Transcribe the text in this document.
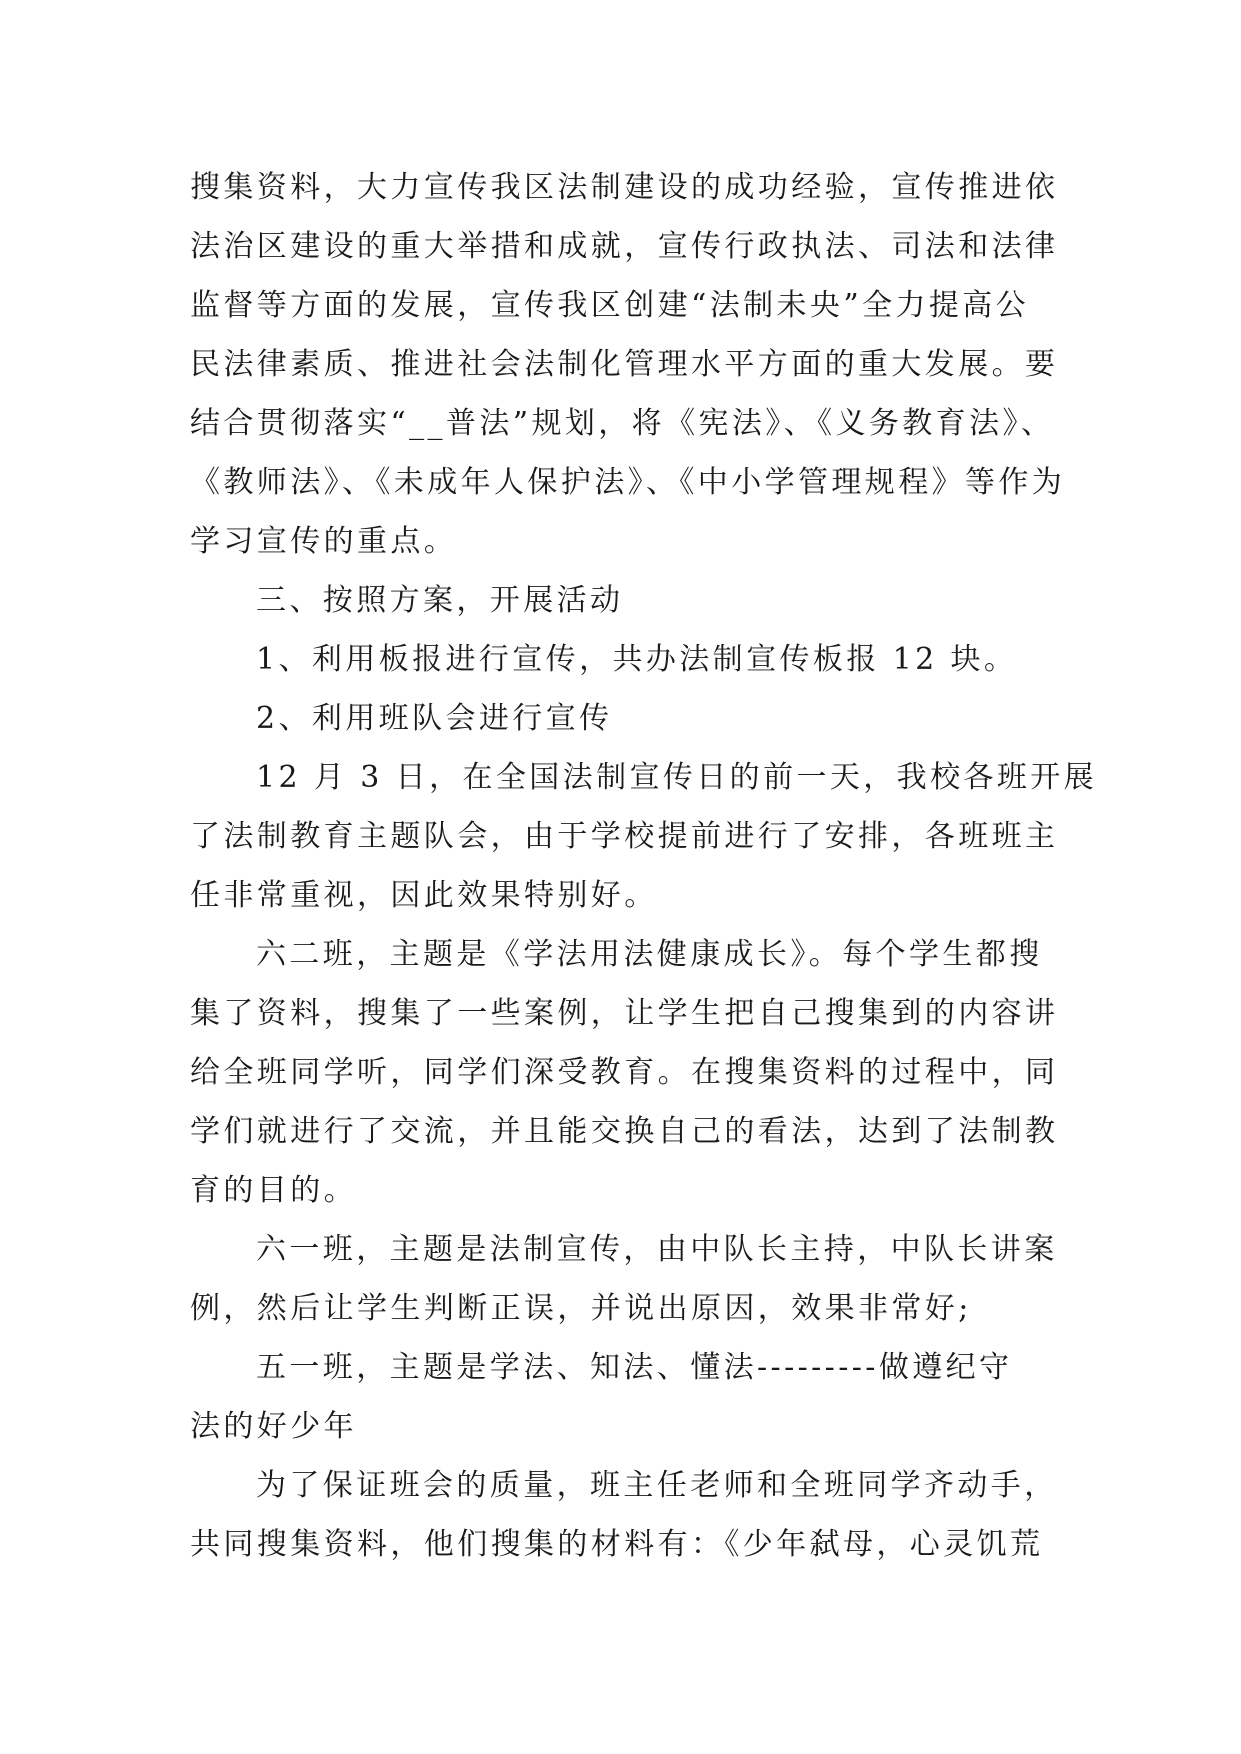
搜集资料，大力宣传我区法制建设的成功经验，宣传推进依
法治区建设的重大举措和成就，宣传行政执法、司法和法律
监督等方面的发展，宣传我区创建“法制未央”全力提高公
民法律素质、推进社会法制化管理水平方面的重大发展。要
结合贯彻落实“__普法”规划，将《宪法》、《义务教育法》、
《教师法》、《未成年人保护法》、《中小学管理规程》等作为
学习宣传的重点。
三、按照方案，开展活动
1、利用板报进行宣传，共办法制宣传板报 12 块。
2、利用班队会进行宣传
12 月 3 日，在全国法制宣传日的前一天，我校各班开展
了法制教育主题队会，由于学校提前进行了安排，各班班主
任非常重视，因此效果特别好。
六二班，主题是《学法用法健康成长》。每个学生都搜
集了资料，搜集了一些案例，让学生把自己搜集到的内容讲
给全班同学听，同学们深受教育。在搜集资料的过程中，同
学们就进行了交流，并且能交换自己的看法，达到了法制教
育的目的。
六一班，主题是法制宣传，由中队长主持，中队长讲案
例，然后让学生判断正误，并说出原因，效果非常好;
五一班，主题是学法、知法、懂法---------做遵纪守
法的好少年
为了保证班会的质量，班主任老师和全班同学齐动手，
共同搜集资料，他们搜集的材料有：《少年弑母，心灵饥荒
